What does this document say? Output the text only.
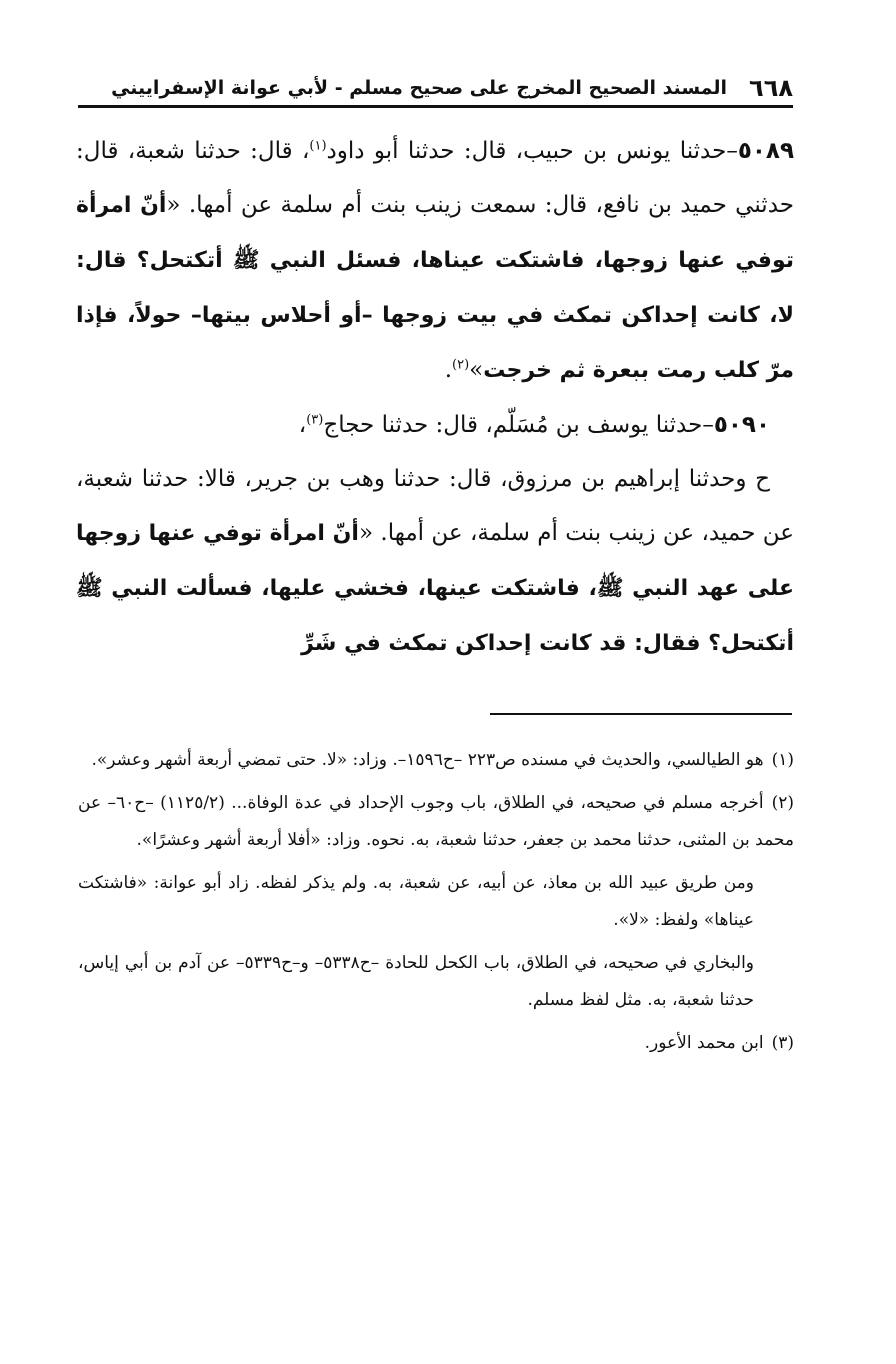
٦٦٨
المسند الصحيح المخرج على صحيح مسلم - لأبي عوانة الإسفراييني

٥٠٨٩–حدثنا يونس بن حبيب، قال: حدثنا أبو داود$^{(١)}$، قال: حدثنا شعبة، قال: حدثني حميد بن نافع، قال: سمعت زينب بنت أم سلمة عن أمها. «أنّ امرأة توفي عنها زوجها، فاشتكت عيناها، فسئل النبي ﷺ أتكتحل؟ قال: لا، كانت إحداكن تمكث في بيت زوجها –أو أحلاس بيتها– حولاً، فإذا مرّ كلب رمت ببعرة ثم خرجت»$^{(٢)}$.

٥٠٩٠–حدثنا يوسف بن مُسَلّم، قال: حدثنا حجاج$^{(٣)}$،

ح وحدثنا إبراهيم بن مرزوق، قال: حدثنا وهب بن جرير، قالا: حدثنا شعبة، عن حميد، عن زينب بنت أم سلمة، عن أمها. «أنّ امرأة توفي عنها زوجها على عهد النبي ﷺ، فاشتكت عينها، فخشي عليها، فسألت النبي ﷺ أتكتحل؟ فقال: قد كانت إحداكن تمكث في شَرِّ

(١)هو الطيالسي، والحديث في مسنده ص٢٢٣ –ح١٥٩٦–. وزاد: «لا. حتى تمضي أربعة أشهر وعشر».

(٢)أخرجه مسلم في صحيحه، في الطلاق، باب وجوب الإحداد في عدة الوفاة... (١١٢٥/٢) –ح٦٠– عن محمد بن المثنى، حدثنا محمد بن جعفر، حدثنا شعبة، به. نحوه. وزاد: «أفلا أربعة أشهر وعشرًا».

ومن طريق عبيد الله بن معاذ، عن أبيه، عن شعبة، به. ولم يذكر لفظه. زاد أبو عوانة: «فاشتكت عيناها» ولفظ: «لا».

والبخاري في صحيحه، في الطلاق، باب الكحل للحادة –ح٥٣٣٨– و–ح٥٣٣٩– عن آدم بن أبي إياس، حدثنا شعبة، به. مثل لفظ مسلم.

(٣)ابن محمد الأعور.
